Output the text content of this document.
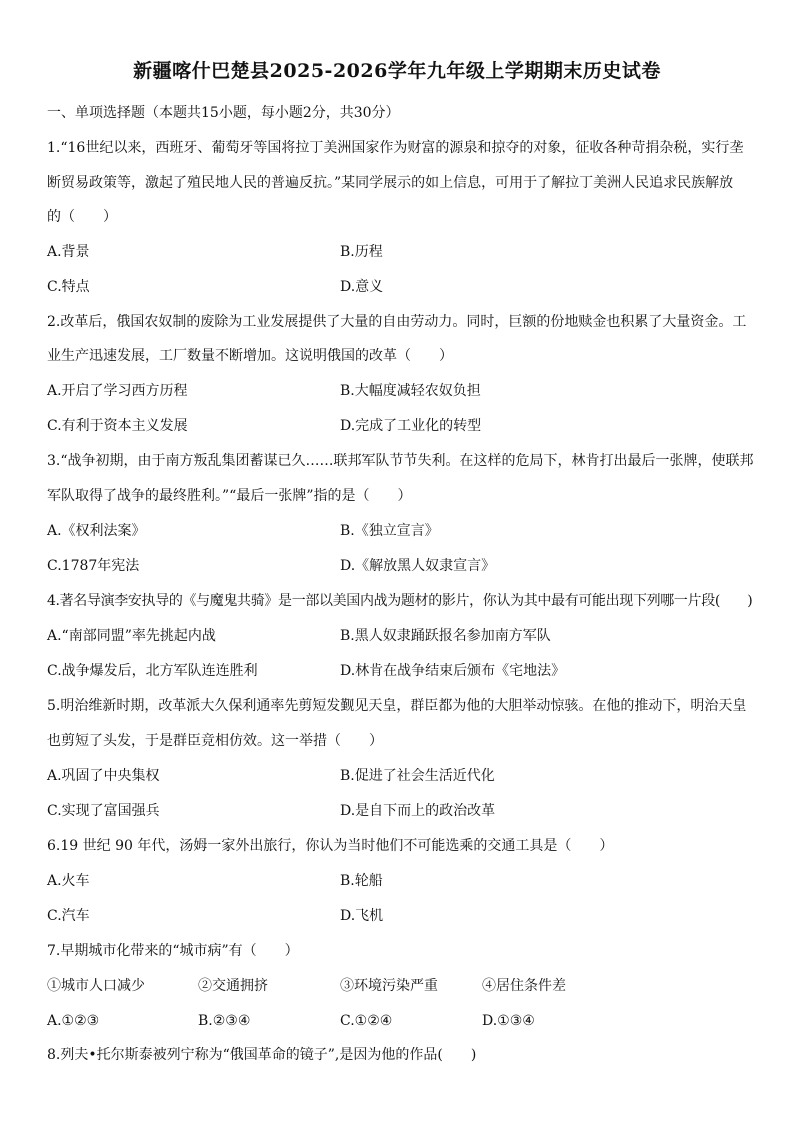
新疆喀什巴楚县2025-2026学年九年级上学期期末历史试卷
一、单项选择题（本题共15小题，每小题2分，共30分）
1.“16世纪以来，西班牙、葡萄牙等国将拉丁美洲国家作为财富的源泉和掠夺的对象，征收各种苛捐杂税，实行垄
断贸易政策等，激起了殖民地人民的普遍反抗。”某同学展示的如上信息，可用于了解拉丁美洲人民追求民族解放
的（　　）
A.背景	B.历程
C.特点	D.意义
2.改革后，俄国农奴制的废除为工业发展提供了大量的自由劳动力。同时，巨额的份地赎金也积累了大量资金。工
业生产迅速发展，工厂数量不断增加。这说明俄国的改革（　　）
A.开启了学习西方历程	B.大幅度减轻农奴负担
C.有利于资本主义发展	D.完成了工业化的转型
3.“战争初期，由于南方叛乱集团蓄谋已久……联邦军队节节失利。在这样的危局下，林肯打出最后一张牌，使联邦
军队取得了战争的最终胜利。”“最后一张牌”指的是（　　）
A.《权利法案》	B.《独立宣言》
C.1787年宪法	D.《解放黑人奴隶宣言》
4.著名导演李安执导的《与魔鬼共骑》是一部以美国内战为题材的影片，你认为其中最有可能出现下列哪一片段(　　)
A.“南部同盟”率先挑起内战	B.黑人奴隶踊跃报名参加南方军队
C.战争爆发后，北方军队连连胜利	D.林肯在战争结束后颁布《宅地法》
5.明治维新时期，改革派大久保利通率先剪短发觐见天皇，群臣都为他的大胆举动惊骇。在他的推动下，明治天皇
也剪短了头发，于是群臣竞相仿效。这一举措（　　）
A.巩固了中央集权	B.促进了社会生活近代化
C.实现了富国强兵	D.是自下而上的政治改革
6.19 世纪 90 年代，汤姆一家外出旅行，你认为当时他们不可能选乘的交通工具是（　　）
A.火车	B.轮船
C.汽车	D.飞机
7.早期城市化带来的“城市病”有（　　）
①城市人口减少	②交通拥挤	③环境污染严重	④居住条件差
A.①②③	B.②③④	C.①②④	D.①③④
8.列夫•托尔斯泰被列宁称为“俄国革命的镜子”,是因为他的作品(　　)
